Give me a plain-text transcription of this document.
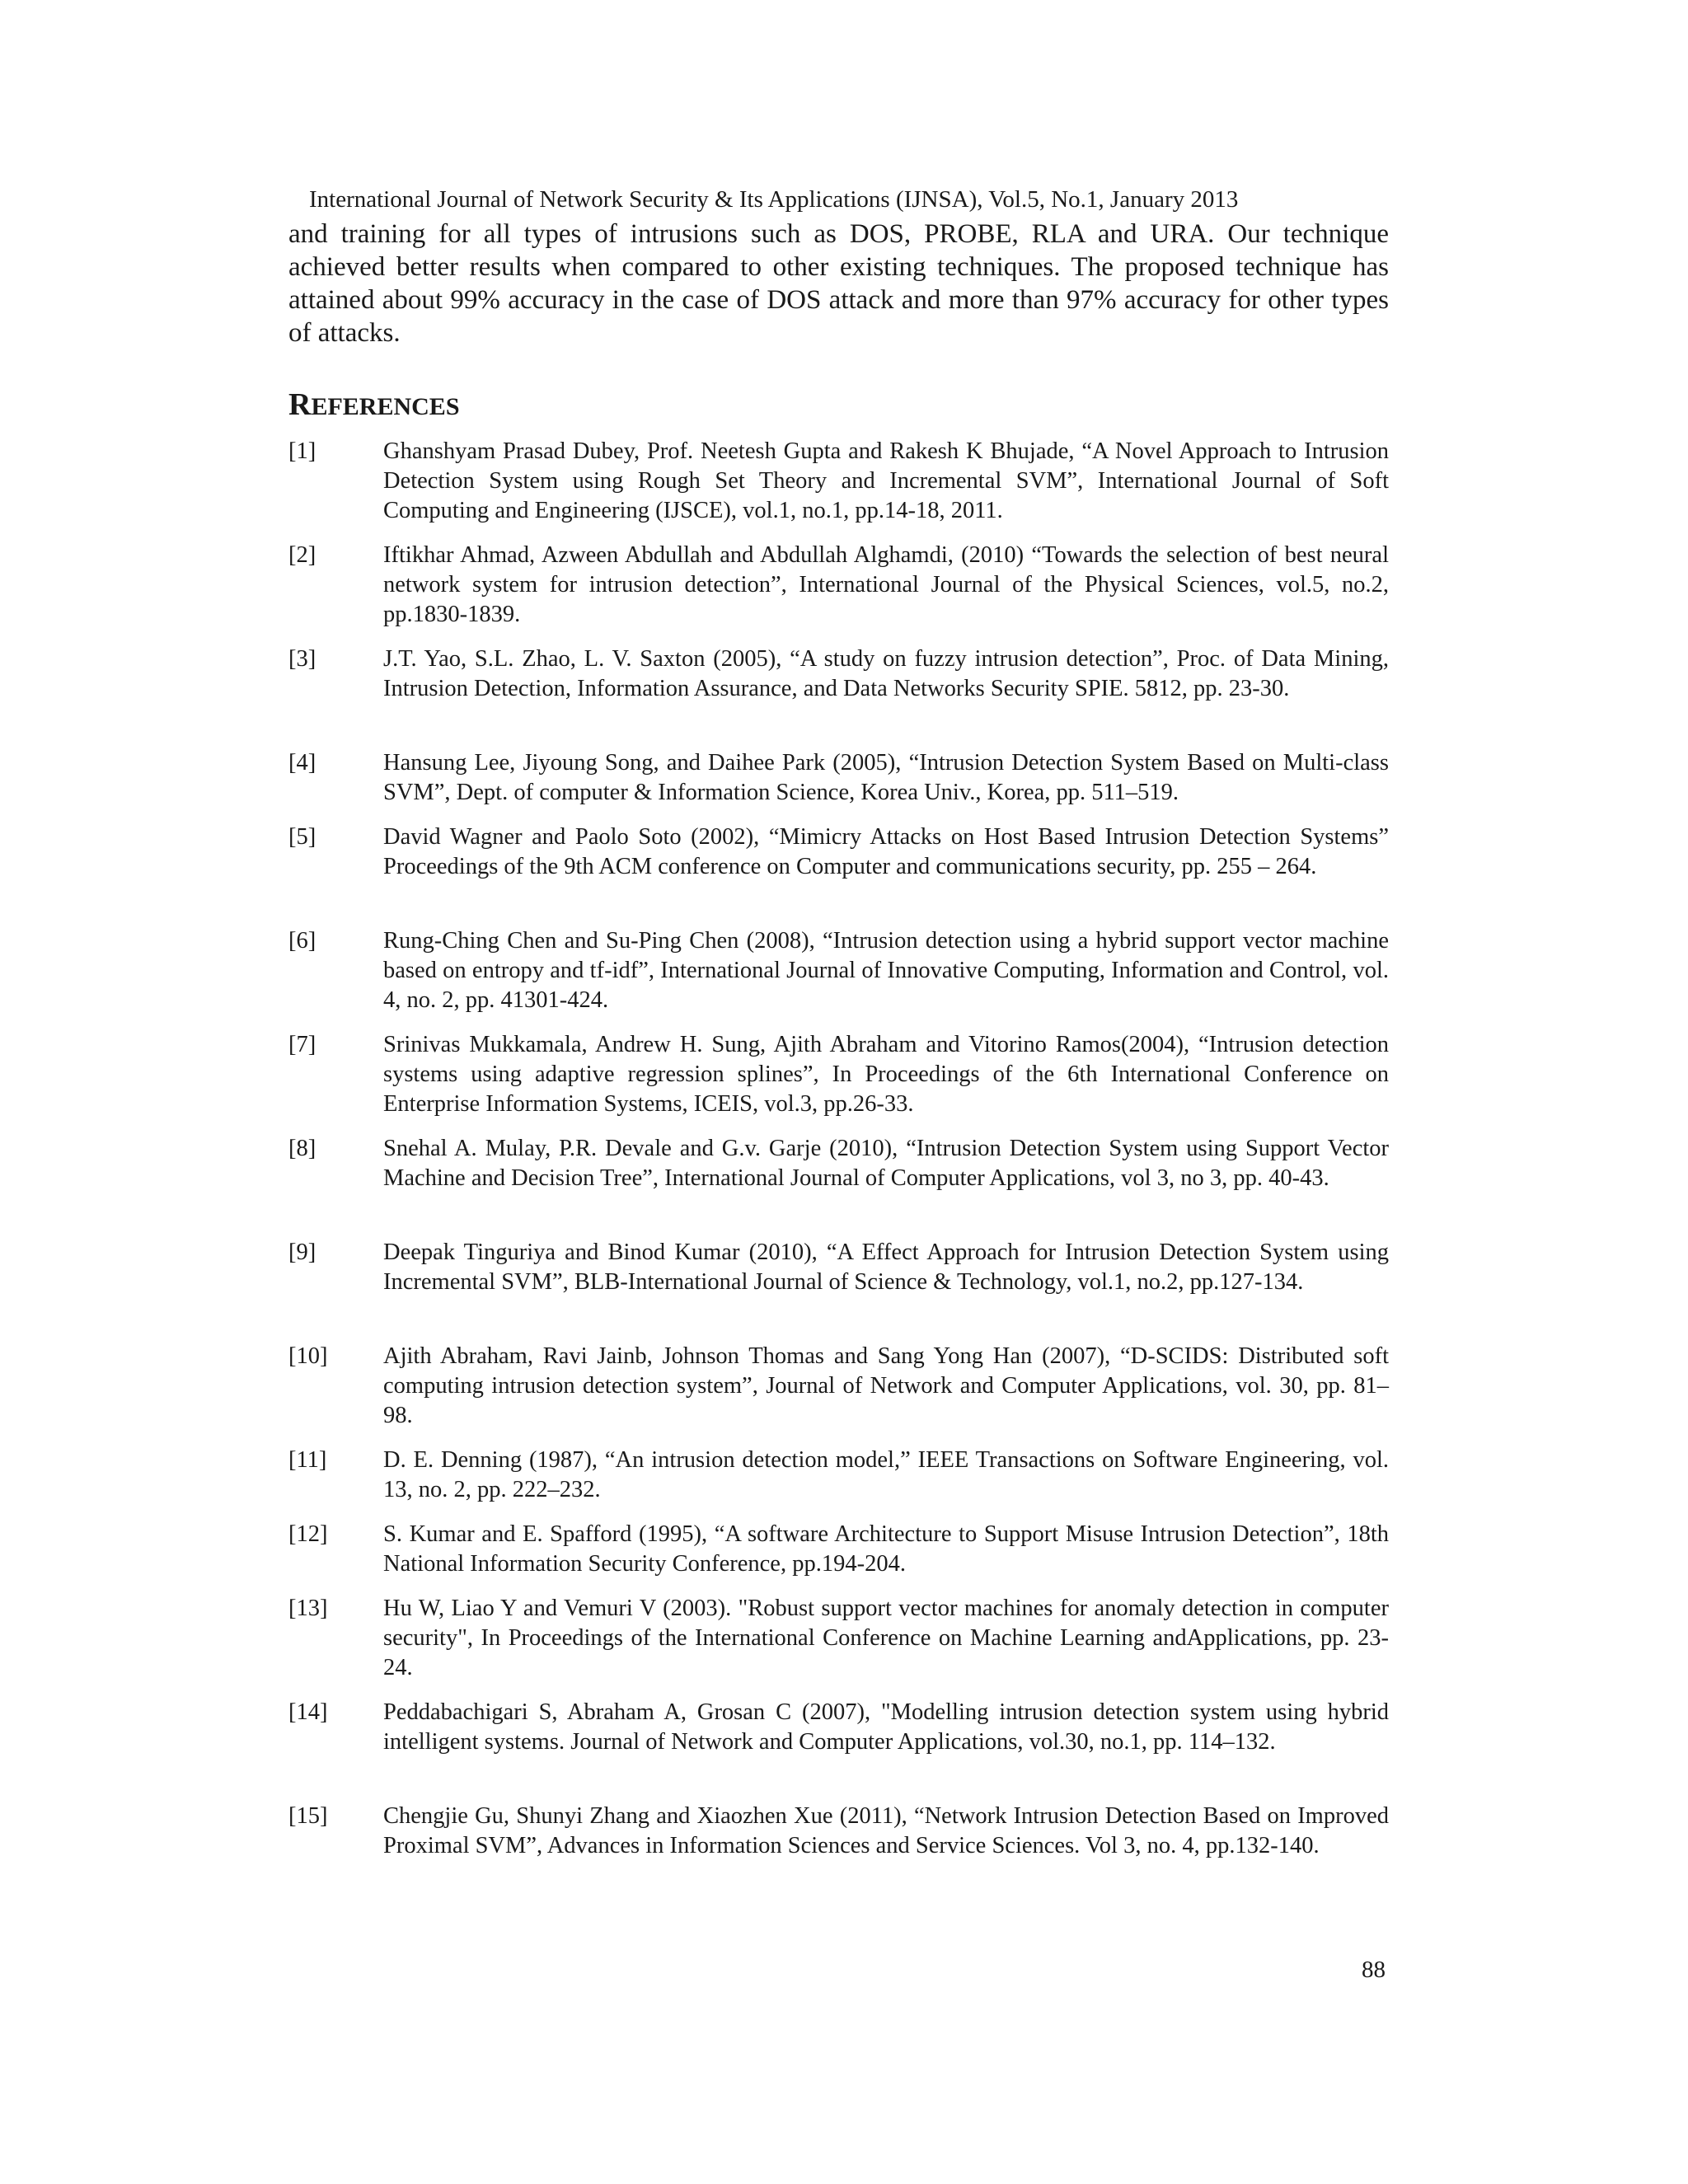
International Journal of Network Security & Its Applications (IJNSA), Vol.5, No.1, January 2013
and training for all types of intrusions such as DOS, PROBE, RLA and URA. Our technique achieved better results when compared to other existing techniques. The proposed technique has attained about 99% accuracy in the case of DOS attack and more than 97% accuracy for other types of attacks.
REFERENCES
[1]	Ghanshyam Prasad Dubey, Prof. Neetesh Gupta and Rakesh K Bhujade, “A Novel Approach to Intrusion Detection System using Rough Set Theory and Incremental SVM”, International Journal of Soft Computing and Engineering (IJSCE), vol.1, no.1, pp.14-18, 2011.
[2]	Iftikhar Ahmad, Azween Abdullah and Abdullah Alghamdi, (2010) “Towards the selection of best neural network system for intrusion detection”, International Journal of the Physical Sciences, vol.5, no.2, pp.1830-1839.
[3]	J.T. Yao, S.L. Zhao, L. V. Saxton (2005), “A study on fuzzy intrusion detection”, Proc. of Data Mining, Intrusion Detection, Information Assurance, and Data Networks Security SPIE. 5812, pp. 23-30.
[4]	Hansung Lee, Jiyoung Song, and Daihee Park (2005), “Intrusion Detection System Based on Multi-class SVM”, Dept. of computer & Information Science, Korea Univ., Korea, pp. 511–519.
[5]	David Wagner and Paolo Soto (2002), “Mimicry Attacks on Host Based Intrusion Detection Systems” Proceedings of the 9th ACM conference on Computer and communications security, pp. 255 – 264.
[6]	Rung-Ching Chen and Su-Ping Chen (2008), “Intrusion detection using a hybrid support vector machine based on entropy and tf-idf”, International Journal of Innovative Computing, Information and Control, vol. 4, no. 2, pp. 41301-424.
[7]	Srinivas Mukkamala, Andrew H. Sung, Ajith Abraham and Vitorino Ramos(2004), “Intrusion detection systems using adaptive regression splines”, In Proceedings of the 6th International Conference on Enterprise Information Systems, ICEIS, vol.3, pp.26-33.
[8]	Snehal A. Mulay, P.R. Devale and G.v. Garje (2010), “Intrusion Detection System using Support Vector Machine and Decision Tree”, International Journal of Computer Applications, vol 3, no 3, pp. 40-43.
[9]	Deepak Tinguriya and Binod Kumar (2010), “A Effect Approach for Intrusion Detection System using Incremental SVM”, BLB-International Journal of Science & Technology, vol.1, no.2, pp.127-134.
[10] Ajith Abraham, Ravi Jainb, Johnson Thomas and Sang Yong Han (2007), “D-SCIDS: Distributed soft computing intrusion detection system”, Journal of Network and Computer Applications, vol. 30, pp. 81–98.
[11] D. E. Denning (1987), “An intrusion detection model,” IEEE Transactions on Software Engineering, vol. 13, no. 2, pp. 222–232.
[12] S. Kumar and E. Spafford (1995), “A software Architecture to Support Misuse Intrusion Detection”, 18th National Information Security Conference, pp.194-204.
[13] Hu W, Liao Y and Vemuri V (2003). "Robust support vector machines for anomaly detection in computer security", In Proceedings of the International Conference on Machine Learning andApplications, pp. 23-24.
[14] Peddabachigari S, Abraham A, Grosan C (2007), "Modelling intrusion detection system using hybrid intelligent systems. Journal of Network and Computer Applications, vol.30, no.1, pp. 114–132.
[15] Chengjie Gu, Shunyi Zhang and Xiaozhen Xue (2011), “Network Intrusion Detection Based on Improved Proximal SVM”, Advances in Information Sciences and Service Sciences. Vol 3, no. 4, pp.132-140.
88
